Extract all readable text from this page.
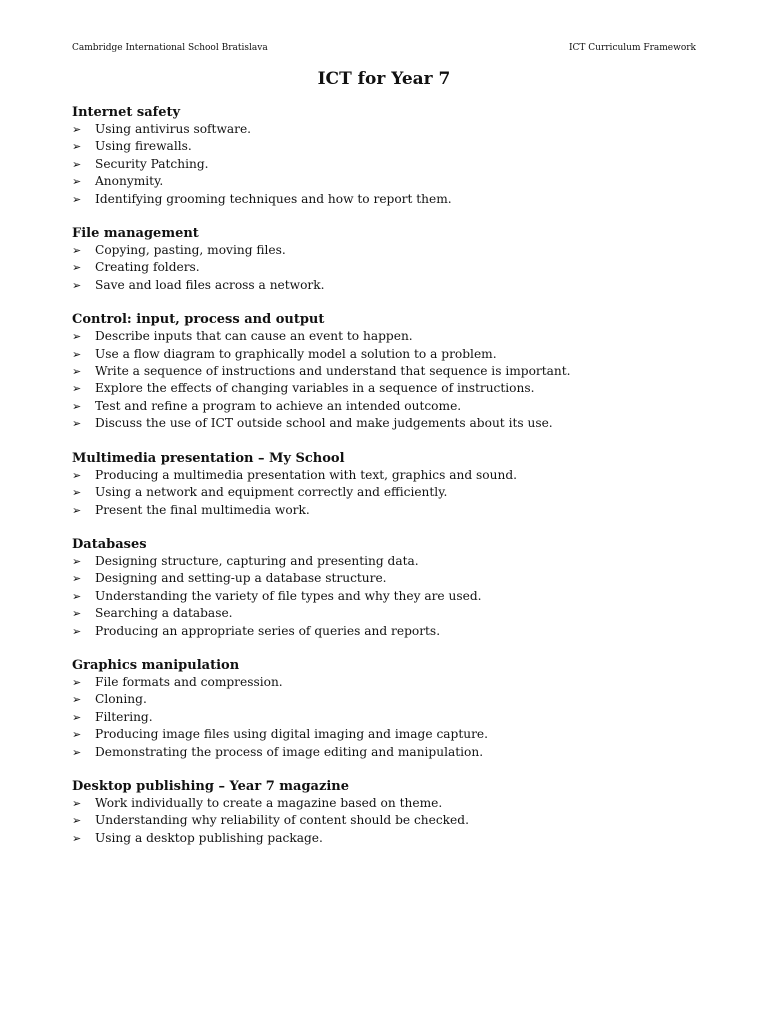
Cambridge International School Bratislava	ICT Curriculum Framework
ICT for Year 7
Internet safety
➢	Using antivirus software.
➢	Using firewalls.
➢	Security Patching.
➢	Anonymity.
➢	Identifying grooming techniques and how to report them.
File management
➢	Copying, pasting, moving files.
➢	Creating folders.
➢	Save and load files across a network.
Control: input, process and output
➢	Describe inputs that can cause an event to happen.
➢	Use a flow diagram to graphically model a solution to a problem.
➢	Write a sequence of instructions and understand that sequence is important.
➢	Explore the effects of changing variables in a sequence of instructions.
➢	Test and refine a program to achieve an intended outcome.
➢	Discuss the use of ICT outside school and make judgements about its use.
Multimedia presentation – My School
➢	Producing a multimedia presentation with text, graphics and sound.
➢	Using a network and equipment correctly and efficiently.
➢	Present the final multimedia work.
Databases
➢	Designing structure, capturing and presenting data.
➢	Designing and setting-up a database structure.
➢	Understanding the variety of file types and why they are used.
➢	Searching a database.
➢	Producing an appropriate series of queries and reports.
Graphics manipulation
➢	File formats and compression.
➢	Cloning.
➢	Filtering.
➢	Producing image files using digital imaging and image capture.
➢	Demonstrating the process of image editing and manipulation.
Desktop publishing – Year 7 magazine
➢	Work individually to create a magazine based on theme.
➢	Understanding why reliability of content should be checked.
➢	Using a desktop publishing package.
